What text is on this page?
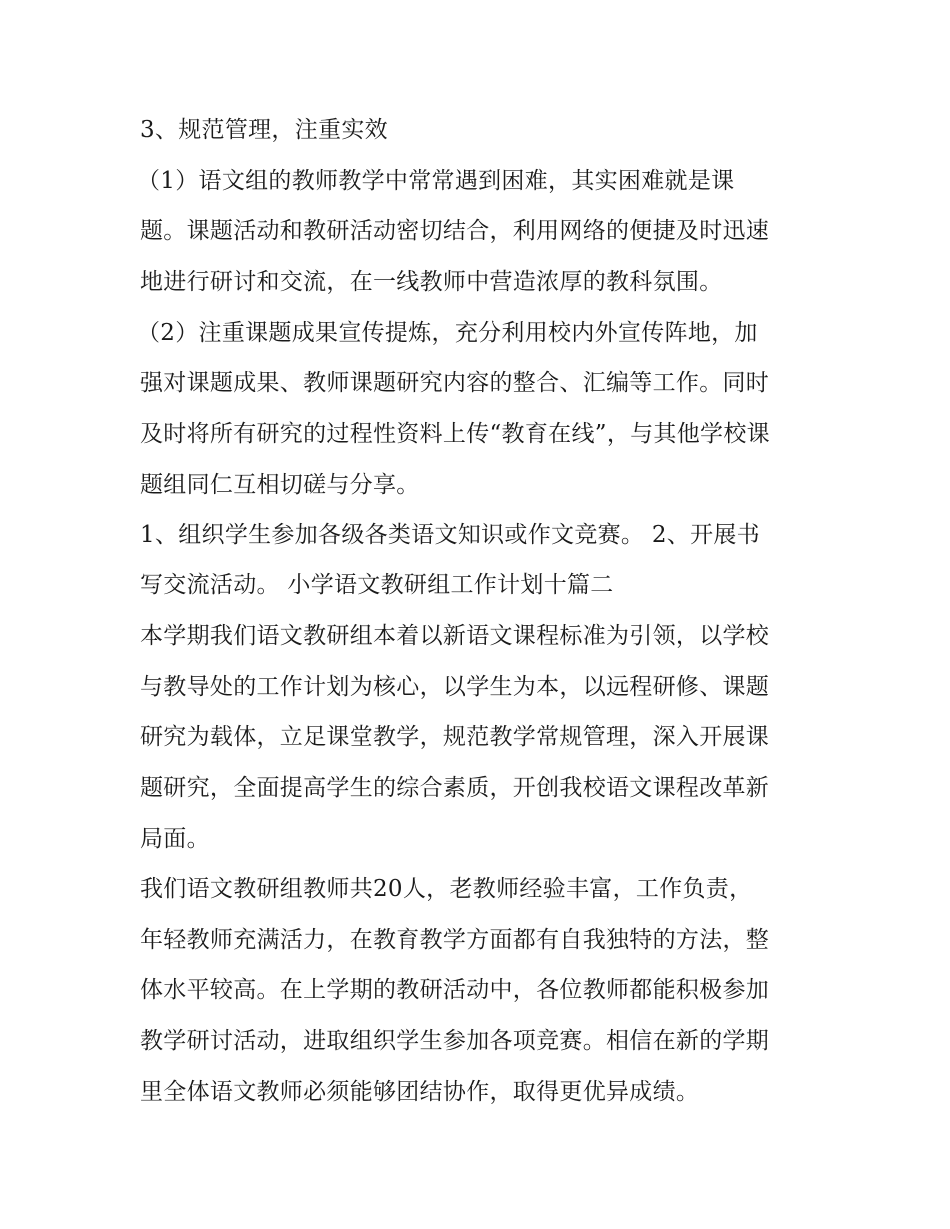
3、规范管理，注重实效
（1）语文组的教师教学中常常遇到困难，其实困难就是课
题。课题活动和教研活动密切结合，利用网络的便捷及时迅速
地进行研讨和交流，在一线教师中营造浓厚的教科氛围。
（2）注重课题成果宣传提炼，充分利用校内外宣传阵地，加
强对课题成果、教师课题研究内容的整合、汇编等工作。同时
及时将所有研究的过程性资料上传“教育在线”，与其他学校课
题组同仁互相切磋与分享。
1、组织学生参加各级各类语文知识或作文竞赛。 2、开展书
写交流活动。 小学语文教研组工作计划十篇二
本学期我们语文教研组本着以新语文课程标准为引领，以学校
与教导处的工作计划为核心，以学生为本，以远程研修、课题
研究为载体，立足课堂教学，规范教学常规管理，深入开展课
题研究，全面提高学生的综合素质，开创我校语文课程改革新
局面。
我们语文教研组教师共20人，老教师经验丰富，工作负责，
年轻教师充满活力，在教育教学方面都有自我独特的方法，整
体水平较高。在上学期的教研活动中，各位教师都能积极参加
教学研讨活动，进取组织学生参加各项竞赛。相信在新的学期
里全体语文教师必须能够团结协作，取得更优异成绩。
